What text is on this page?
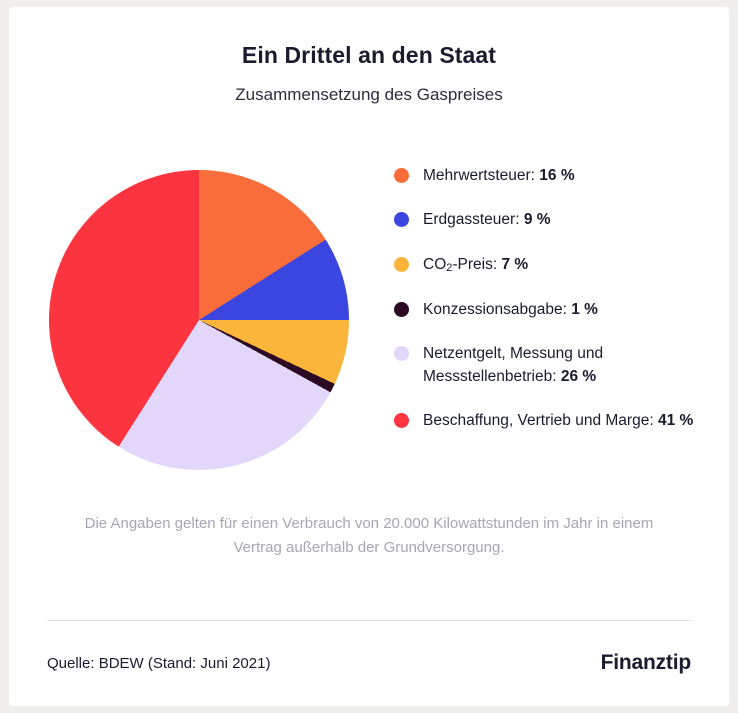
Ein Drittel an den Staat
Zusammensetzung des Gaspreises
Mehrwertsteuer: 16 %
Erdgassteuer: 9 %
$CO_2$-Preis: 7 %
Konzessionsabgabe: 1 %
Netzentgelt, Messung und Messstellenbetrieb: 26 %
Beschaffung, Vertrieb und Marge: 41 %
Die Angaben gelten für einen Verbrauch von 20.000 Kilowattstunden im Jahr in einem Vertrag außerhalb der Grundversorgung.
Quelle: BDEW (Stand: Juni 2021)	Finanztip
